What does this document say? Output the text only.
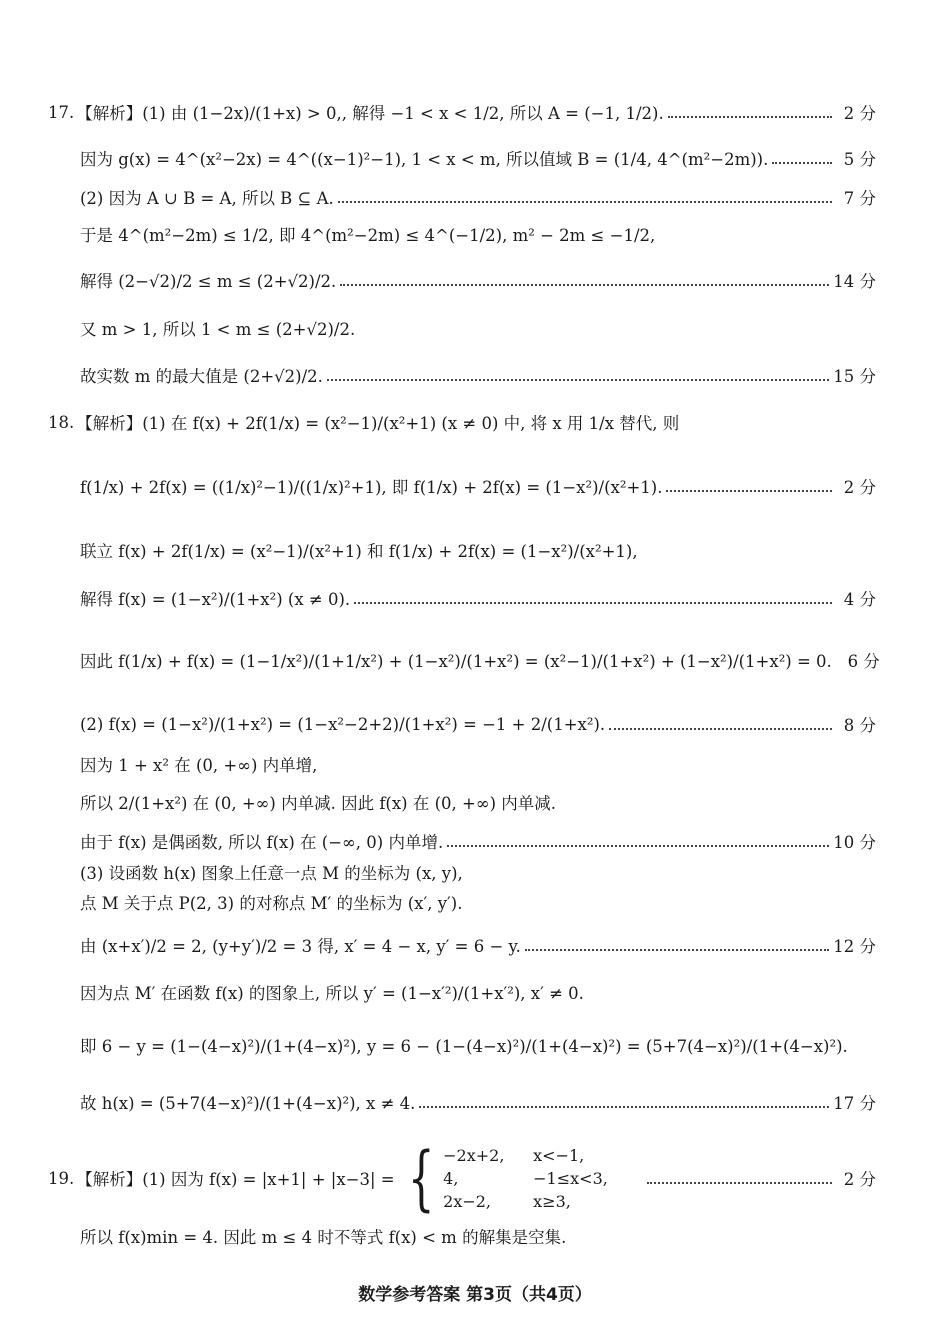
17. 【解析】 (1) 由 (1−2x)/(1+x) > 0,, 解得 −1 < x < 1/2, 所以 A = (−1, 1/2).	2 分
因为 g(x) = 4^(x²−2x) = 4^((x−1)²−1), 1 < x < m, 所以值域 B = (1/4, 4^(m²−2m)).	5 分
(2) 因为 A ∪ B = A, 所以 B ⊆ A.	7 分
于是 4^(m²−2m) ≤ 1/2, 即 4^(m²−2m) ≤ 4^(−1/2), m² − 2m ≤ −1/2,
解得 (2−√2)/2 ≤ m ≤ (2+√2)/2.	14 分
又 m > 1, 所以 1 < m ≤ (2+√2)/2.
故实数 m 的最大值是 (2+√2)/2.	15 分
18. 【解析】 (1) 在 f(x) + 2f(1/x) = (x²−1)/(x²+1) (x ≠ 0) 中, 将 x 用 1/x 替代, 则
f(1/x) + 2f(x) = ((1/x)²−1)/((1/x)²+1), 即 f(1/x) + 2f(x) = (1−x²)/(x²+1).	2 分
联立 f(x) + 2f(1/x) = (x²−1)/(x²+1) 和 f(1/x) + 2f(x) = (1−x²)/(x²+1),
解得 f(x) = (1−x²)/(1+x²) (x ≠ 0).	4 分
因此 f(1/x) + f(x) = (1−1/x²)/(1+1/x²) + (1−x²)/(1+x²) = (x²−1)/(1+x²) + (1−x²)/(1+x²) = 0. 6 分
(2) f(x) = (1−x²)/(1+x²) = (1−x²−2+2)/(1+x²) = −1 + 2/(1+x²).	8 分
因为 1 + x² 在 (0, +∞) 内单增,
所以 2/(1+x²) 在 (0, +∞) 内单减. 因此 f(x) 在 (0, +∞) 内单减.
由于 f(x) 是偶函数, 所以 f(x) 在 (−∞, 0) 内单增.	10 分
(3) 设函数 h(x) 图象上任意一点 M 的坐标为 (x, y),
点 M 关于点 P(2, 3) 的对称点 M′ 的坐标为 (x′, y′).
由 (x+x′)/2 = 2, (y+y′)/2 = 3 得, x′ = 4 − x, y′ = 6 − y.	12 分
因为点 M′ 在函数 f(x) 的图象上, 所以 y′ = (1−x′²)/(1+x′²), x′ ≠ 0.
即 6 − y = (1−(4−x)²)/(1+(4−x)²), y = 6 − (1−(4−x)²)/(1+(4−x)²) = (5+7(4−x)²)/(1+(4−x)²).
故 h(x) = (5+7(4−x)²)/(1+(4−x)²), x ≠ 4.	17 分
19. 【解析】 (1) 因为 f(x) = |x+1| + |x−3| = { −2x+2,	x<−1,
4,	−1≤x<3,
2x−2,	x≥3,
2 分
所以 f(x)min = 4. 因此 m ≤ 4 时不等式 f(x) < m 的解集是空集.
数学参考答案 第3页（共4页）
